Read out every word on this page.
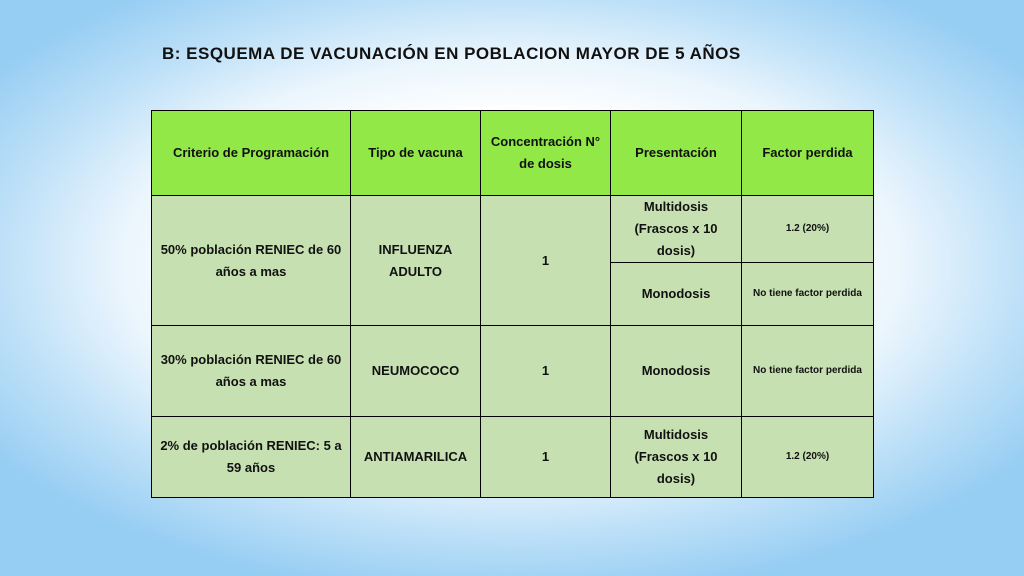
B: ESQUEMA DE VACUNACIÓN EN POBLACION MAYOR DE 5 AÑOS
Criterio de Programación	Tipo de vacuna	Concentración N° de dosis	Presentación	Factor perdida
50% población RENIEC de 60 años a mas	INFLUENZA ADULTO	1	Multidosis (Frascos x 10 dosis)	1.2 (20%)
			Monodosis	No tiene factor perdida
30% población RENIEC de 60 años a mas	NEUMOCOCO	1	Monodosis	No tiene factor perdida
2% de población RENIEC: 5 a 59 años	ANTIAMARILICA	1	Multidosis (Frascos x 10 dosis)	1.2 (20%)
